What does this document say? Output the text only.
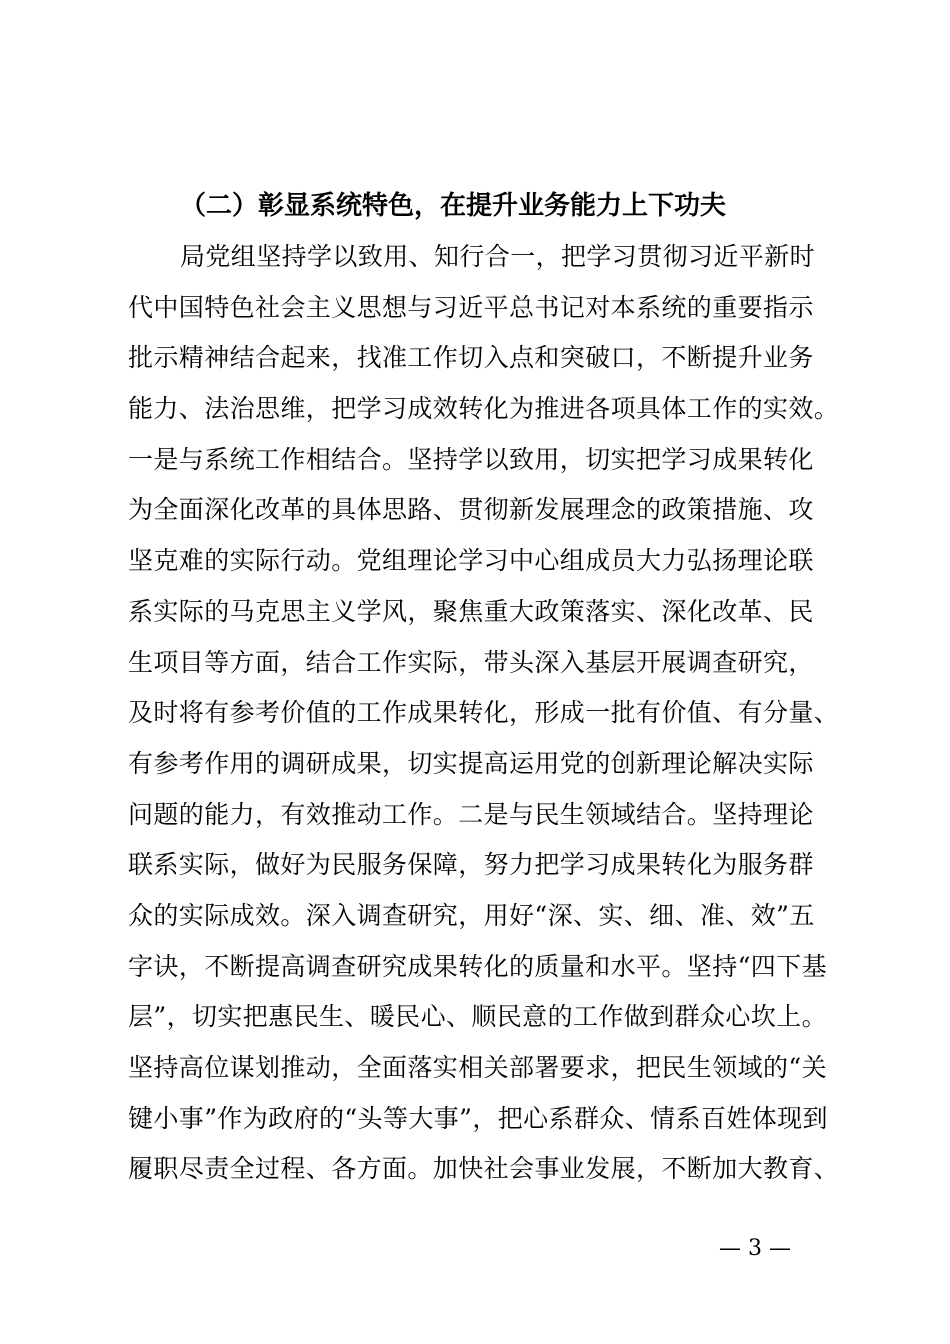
（二）彰显系统特色，在提升业务能力上下功夫
局党组坚持学以致用、知行合一，把学习贯彻习近平新时
代中国特色社会主义思想与习近平总书记对本系统的重要指示
批示精神结合起来，找准工作切入点和突破口，不断提升业务
能力、法治思维，把学习成效转化为推进各项具体工作的实效。
一是与系统工作相结合。坚持学以致用，切实把学习成果转化
为全面深化改革的具体思路、贯彻新发展理念的政策措施、攻
坚克难的实际行动。党组理论学习中心组成员大力弘扬理论联
系实际的马克思主义学风，聚焦重大政策落实、深化改革、民
生项目等方面，结合工作实际，带头深入基层开展调查研究，
及时将有参考价值的工作成果转化，形成一批有价值、有分量、
有参考作用的调研成果，切实提高运用党的创新理论解决实际
问题的能力，有效推动工作。二是与民生领域结合。坚持理论
联系实际，做好为民服务保障，努力把学习成果转化为服务群
众的实际成效。深入调查研究，用好“深、实、细、准、效”五
字诀，不断提高调查研究成果转化的质量和水平。坚持“四下基
层”，切实把惠民生、暖民心、顺民意的工作做到群众心坎上。
坚持高位谋划推动，全面落实相关部署要求，把民生领域的“关
键小事”作为政府的“头等大事”，把心系群众、情系百姓体现到
履职尽责全过程、各方面。加快社会事业发展，不断加大教育、
— 3 —
